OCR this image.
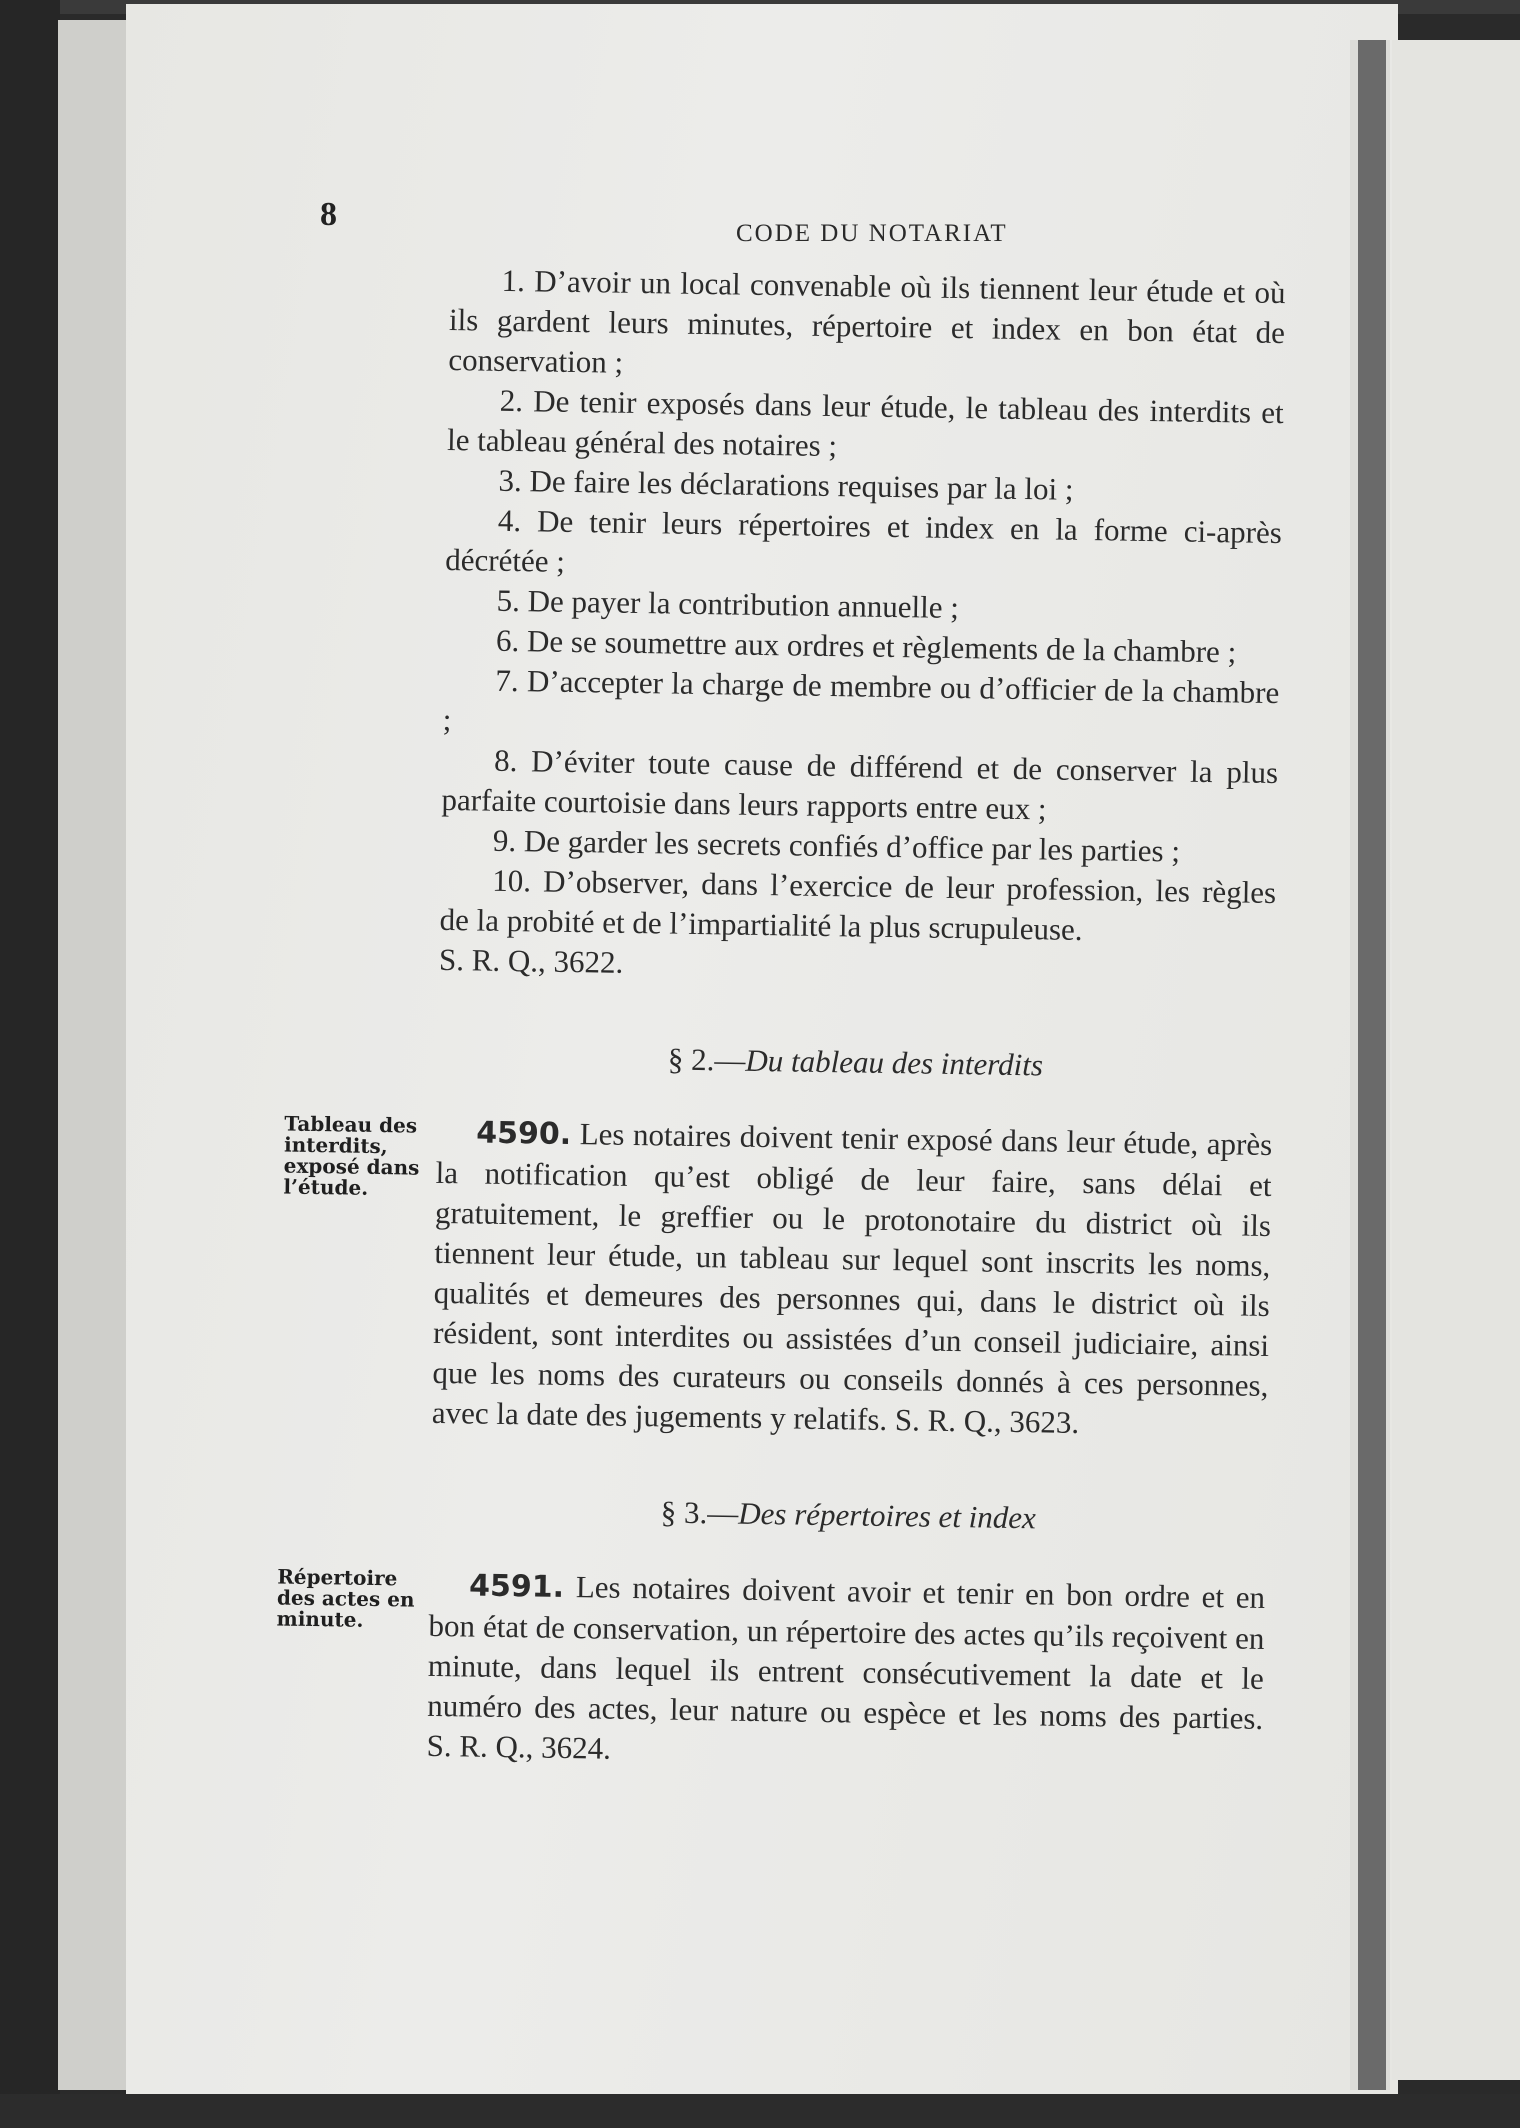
8
CODE DU NOTARIAT

1. D’avoir un local convenable où ils tiennent leur étude et où ils gardent leurs minutes, répertoire et index en bon état de conservation ;

2. De tenir exposés dans leur étude, le tableau des interdits et le tableau général des notaires ;

3. De faire les déclarations requises par la loi ;

4. De tenir leurs répertoires et index en la forme ci-après décrétée ;

5. De payer la contribution annuelle ;

6. De se soumettre aux ordres et règlements de la chambre ;

7. D’accepter la charge de membre ou d’officier de la chambre ;

8. D’éviter toute cause de différend et de conserver la plus parfaite courtoisie dans leurs rapports entre eux ;

9. De garder les secrets confiés d’office par les parties ;

10. D’observer, dans l’exercice de leur profession, les règles de la probité et de l’impartialité la plus scrupuleuse.

S. R. Q., 3622.

§ 2.—Du tableau des interdits

Tableau des interdits, exposé dans l’étude.
4590. Les notaires doivent tenir exposé dans leur étude, après la notification qu’est obligé de leur faire, sans délai et gratuitement, le greffier ou le protonotaire du district où ils tiennent leur étude, un tableau sur lequel sont inscrits les noms, qualités et demeures des personnes qui, dans le district où ils résident, sont interdites ou assistées d’un conseil judiciaire, ainsi que les noms des curateurs ou conseils donnés à ces personnes, avec la date des jugements y relatifs. S. R. Q., 3623.

§ 3.—Des répertoires et index

Répertoire des actes en minute.
4591. Les notaires doivent avoir et tenir en bon ordre et en bon état de conservation, un répertoire des actes qu’ils reçoivent en minute, dans lequel ils entrent consécutivement la date et le numéro des actes, leur nature ou espèce et les noms des parties. S. R. Q., 3624.
